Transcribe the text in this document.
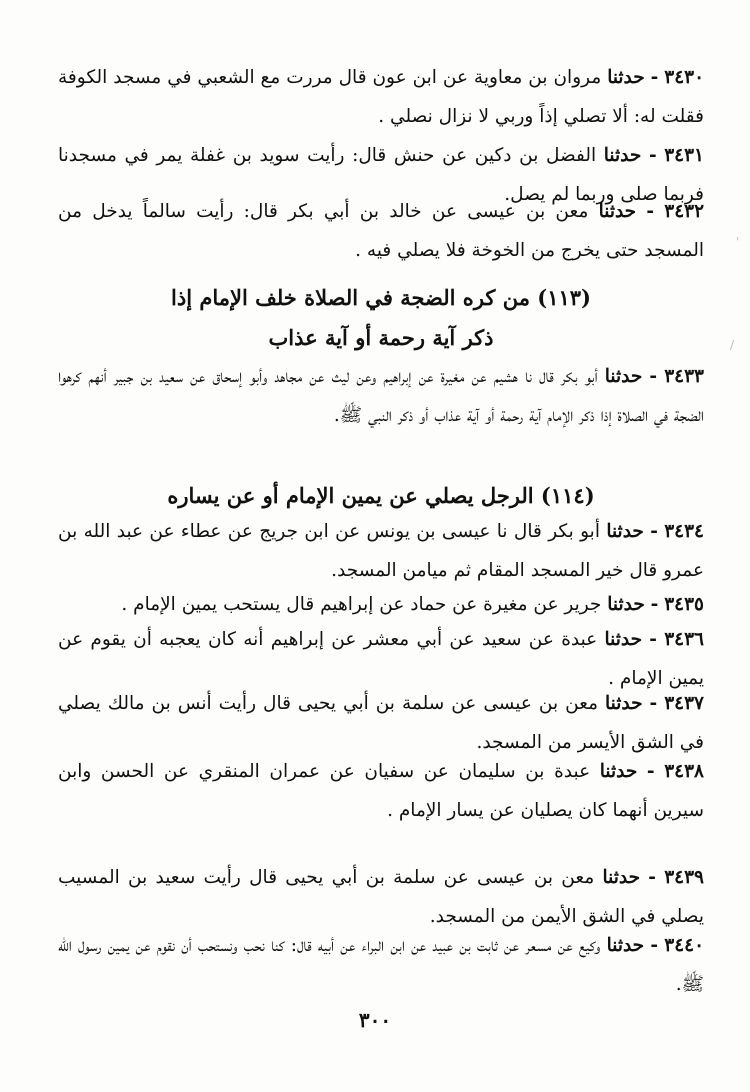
٣٤٣٠ - حدثنا مروان بن معاوية عن ابن عون قال مررت مع الشعبي في مسجد الكوفة فقلت له: ألا تصلي إذاً وربي لا نزال نصلي .
٣٤٣١ - حدثنا الفضل بن دكين عن حنش قال: رأيت سويد بن غفلة يمر في مسجدنا فربما صلى وربما لم يصل.
٣٤٣٢ - حدثنا معن بن عيسى عن خالد بن أبي بكر قال: رأيت سالماً يدخل من المسجد حتى يخرج من الخوخة فلا يصلي فيه .
(١١٣) من كره الضجة في الصلاة خلف الإمام إذا
ذكر آية رحمة أو آية عذاب
٣٤٣٣ - حدثنا أبو بكر قال نا هشيم عن مغيرة عن إبراهيم وعن ليث عن مجاهد وأبو إسحاق عن سعيد بن جبير أنهم كرهوا الضجة في الصلاة إذا ذكر الإمام آية رحمة أو آية عذاب أو ذكر النبي ﷺ.
(١١٤) الرجل يصلي عن يمين الإمام أو عن يساره
٣٤٣٤ - حدثنا أبو بكر قال نا عيسى بن يونس عن ابن جريج عن عطاء عن عبد الله بن عمرو قال خير المسجد المقام ثم ميامن المسجد.
٣٤٣٥ - حدثنا جرير عن مغيرة عن حماد عن إبراهيم قال يستحب يمين الإمام .
٣٤٣٦ - حدثنا عبدة عن سعيد عن أبي معشر عن إبراهيم أنه كان يعجبه أن يقوم عن يمين الإمام .
٣٤٣٧ - حدثنا معن بن عيسى عن سلمة بن أبي يحيى قال رأيت أنس بن مالك يصلي في الشق الأيسر من المسجد.
٣٤٣٨ - حدثنا عبدة بن سليمان عن سفيان عن عمران المنقري عن الحسن وابن سيرين أنهما كان يصليان عن يسار الإمام .
٣٤٣٩ - حدثنا معن بن عيسى عن سلمة بن أبي يحيى قال رأيت سعيد بن المسيب يصلي في الشق الأيمن من المسجد.
٣٤٤٠ - حدثنا وكيع عن مسعر عن ثابت بن عبيد عن ابن البراء عن أبيه قال: كنا نحب ونستحب أن نقوم عن يمين رسول الله ﷺ.
٣٠٠
'
/
